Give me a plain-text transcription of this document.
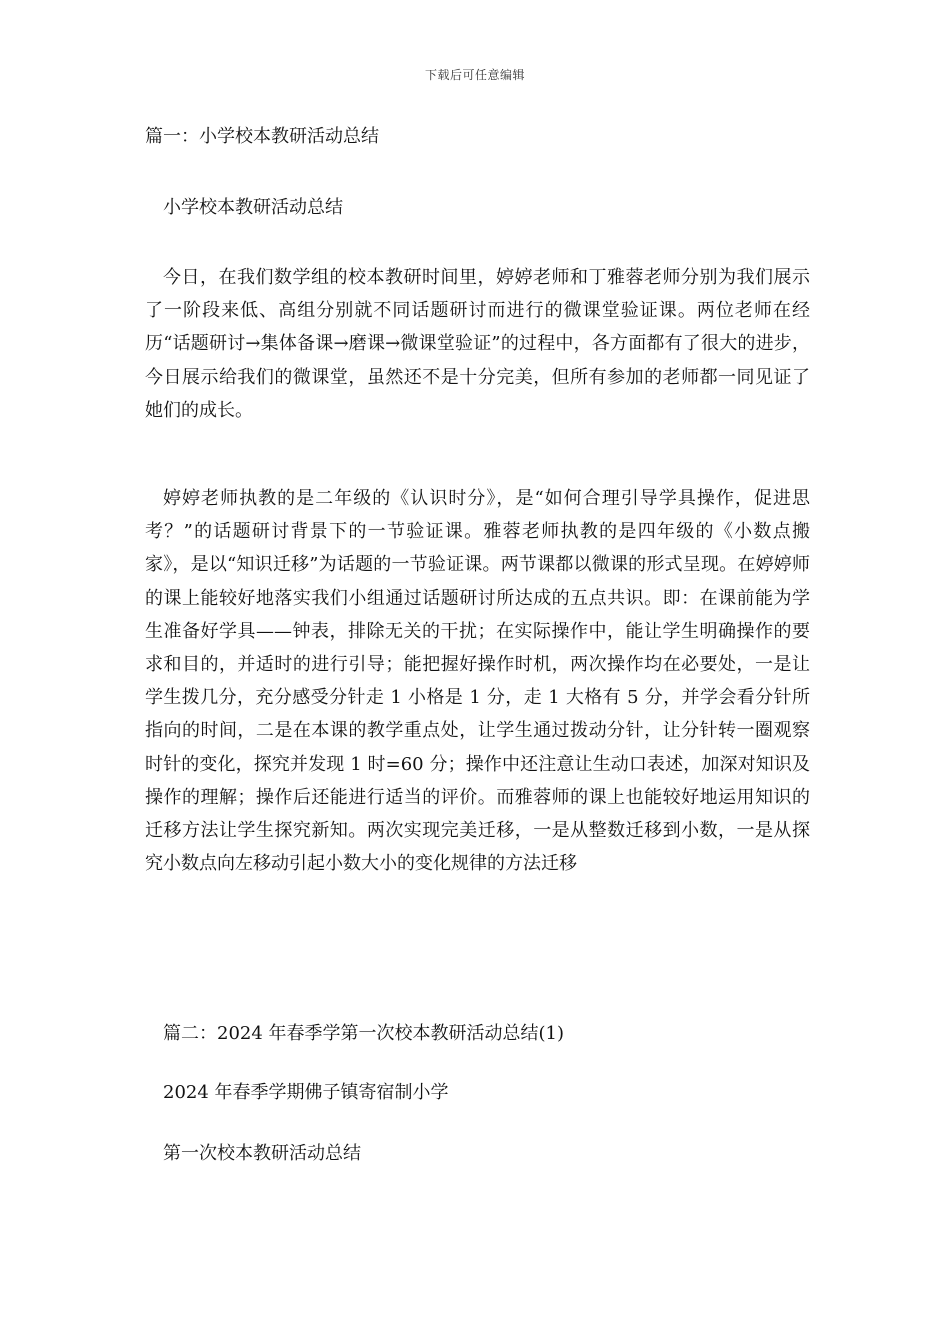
下载后可任意编辑
篇一：小学校本教研活动总结
小学校本教研活动总结
今日，在我们数学组的校本教研时间里，婷婷老师和丁雅蓉老师分别为我们展示了一阶段来低、高组分别就不同话题研讨而进行的微课堂验证课。两位老师在经历“话题研讨→集体备课→磨课→微课堂验证”的过程中，各方面都有了很大的进步，今日展示给我们的微课堂，虽然还不是十分完美，但所有参加的老师都一同见证了她们的成长。
婷婷老师执教的是二年级的《认识时分》，是“如何合理引导学具操作，促进思考？”的话题研讨背景下的一节验证课。雅蓉老师执教的是四年级的《小数点搬家》，是以“知识迁移”为话题的一节验证课。两节课都以微课的形式呈现。在婷婷师的课上能较好地落实我们小组通过话题研讨所达成的五点共识。即：在课前能为学生准备好学具——钟表，排除无关的干扰；在实际操作中，能让学生明确操作的要求和目的，并适时的进行引导；能把握好操作时机，两次操作均在必要处，一是让学生拨几分，充分感受分针走 1 小格是 1 分，走 1 大格有 5 分，并学会看分针所指向的时间，二是在本课的教学重点处，让学生通过拨动分针，让分针转一圈观察时针的变化，探究并发现 1 时=60 分；操作中还注意让生动口表述，加深对知识及操作的理解；操作后还能进行适当的评价。而雅蓉师的课上也能较好地运用知识的迁移方法让学生探究新知。两次实现完美迁移，一是从整数迁移到小数，一是从探究小数点向左移动引起小数大小的变化规律的方法迁移
篇二：2024 年春季学第一次校本教研活动总结(1)
2024 年春季学期佛子镇寄宿制小学
第一次校本教研活动总结
